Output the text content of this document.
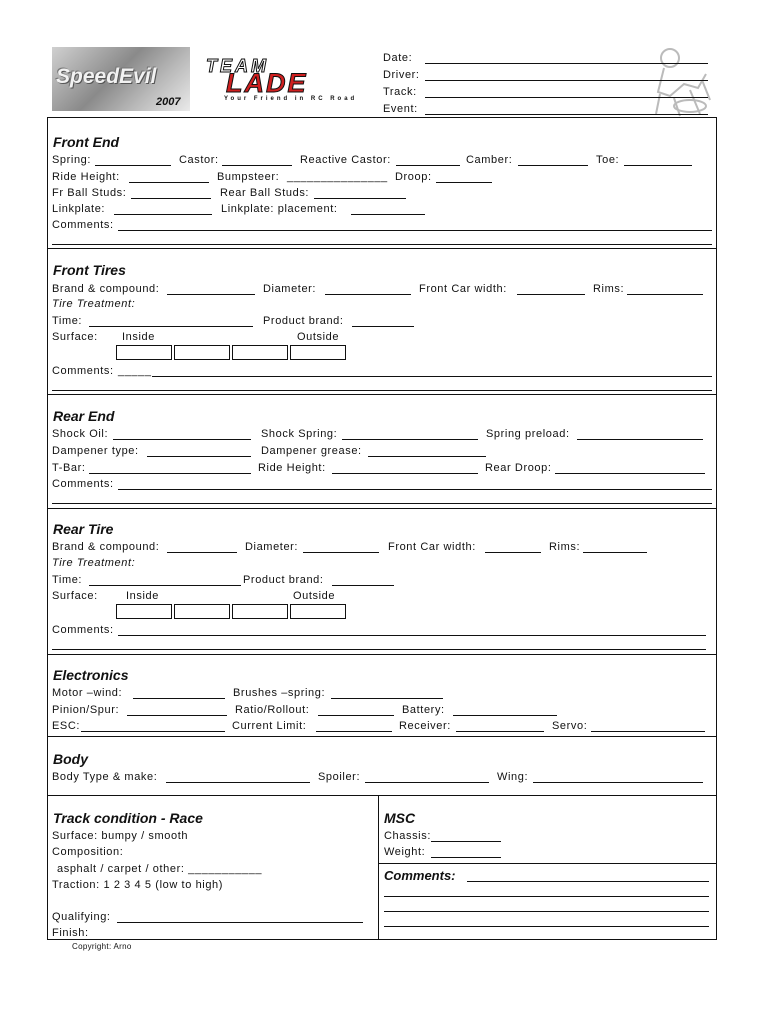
SpeedEvil
2007
TEAM
LADE
Your Friend in RC Road
Date:
Driver:
Track:
Event:
Front End
Spring:	Castor:	Reactive Castor:	Camber:	Toe:
Ride Height:	Bumpsteer: _______________ Droop:
Fr Ball Studs:	Rear Ball Studs:
Linkplate:	Linkplate: placement:
Comments:
Front Tires
Brand & compound:	Diameter:	Front Car width:	Rims:
Tire Treatment:
Time:	Product brand:
Surface: Inside	Outside
Comments: _____
Rear End
Shock Oil:	Shock Spring:	Spring preload:
Dampener type:	Dampener grease:
T-Bar:	Ride Height:	Rear Droop:
Comments:
Rear Tire
Brand & compound:	Diameter:	Front Car width:	Rims:
Tire Treatment:
Time:	Product brand:
Surface:	Inside	Outside
Comments:
Electronics
Motor –wind:	Brushes –spring:
Pinion/Spur:	Ratio/Rollout:	Battery:
ESC:	Current Limit:	Receiver:	Servo:
Body
Body Type & make:	Spoiler:	Wing:
Track condition - Race
Surface: bumpy / smooth
Composition:
asphalt / carpet / other: ___________
Traction: 1 2 3 4 5 (low to high)
Qualifying:
Finish:
MSC
Chassis:
Weight:
Comments:
Copyright: Arno
